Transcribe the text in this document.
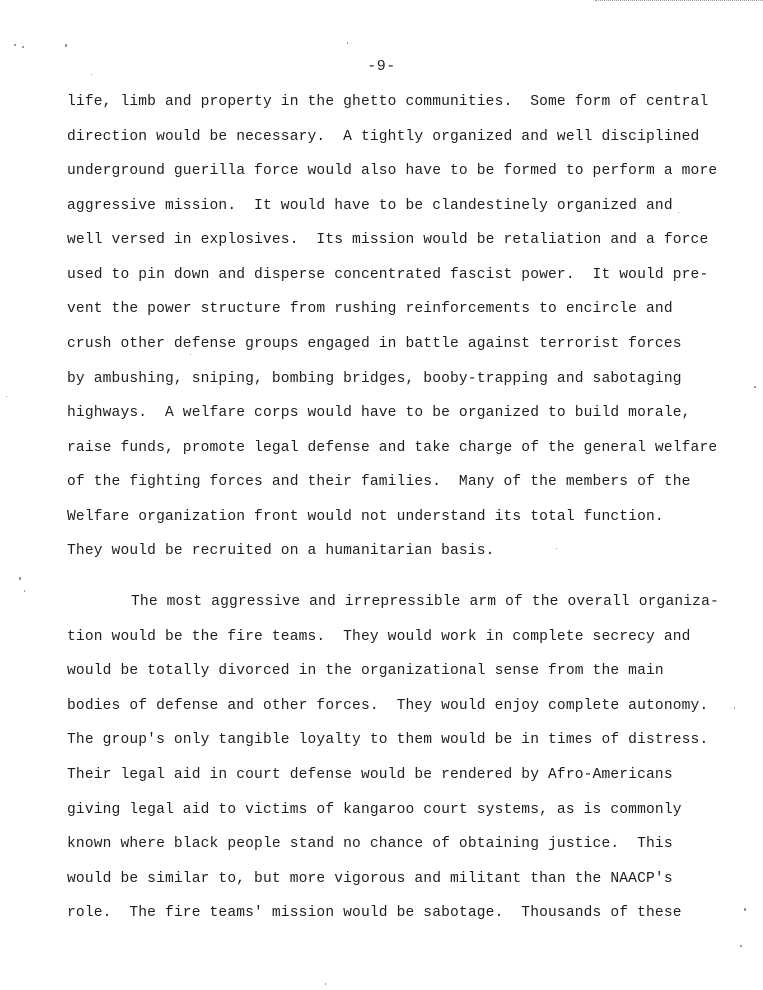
-9-
life, limb and property in the ghetto communities.  Some form of central
direction would be necessary.  A tightly organized and well disciplined
underground guerilla force would also have to be formed to perform a more
aggressive mission.  It would have to be clandestinely organized and
well versed in explosives.  Its mission would be retaliation and a force
used to pin down and disperse concentrated fascist power.  It would pre-
vent the power structure from rushing reinforcements to encircle and
crush other defense groups engaged in battle against terrorist forces
by ambushing, sniping, bombing bridges, booby-trapping and sabotaging
highways.  A welfare corps would have to be organized to build morale,
raise funds, promote legal defense and take charge of the general welfare
of the fighting forces and their families.  Many of the members of the
Welfare organization front would not understand its total function.
They would be recruited on a humanitarian basis.
The most aggressive and irrepressible arm of the overall organiza-
tion would be the fire teams.  They would work in complete secrecy and
would be totally divorced in the organizational sense from the main
bodies of defense and other forces.  They would enjoy complete autonomy.
The group's only tangible loyalty to them would be in times of distress.
Their legal aid in court defense would be rendered by Afro-Americans
giving legal aid to victims of kangaroo court systems, as is commonly
known where black people stand no chance of obtaining justice.  This
would be similar to, but more vigorous and militant than the NAACP's
role.  The fire teams' mission would be sabotage.  Thousands of these
